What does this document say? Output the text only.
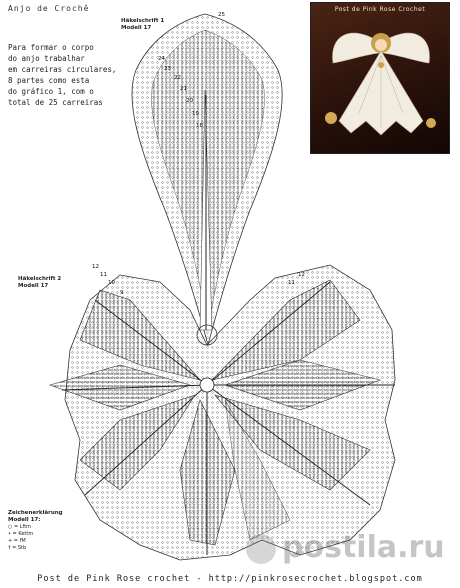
Anjo de Crochê
Para formar o corpo
do anjo trabalhar
em carreiras circulares,
8 partes como esta
do gráfico 1, com o
total de 25 carreiras
Häkelschrift 1
Modell 17
Häkelschrift 2
Modell 17
25
24
23
22
21
20
19
18
12
11
10
9
12
11
Post de Pink Rose Crochet
Zeichenerklärung
Modell 17:
○ = Lftm
• = Kettm
+ = fM
† = Stb	postila.ru
Post de Pink Rose crochet - http://pinkrosecrochet.blogspot.com
